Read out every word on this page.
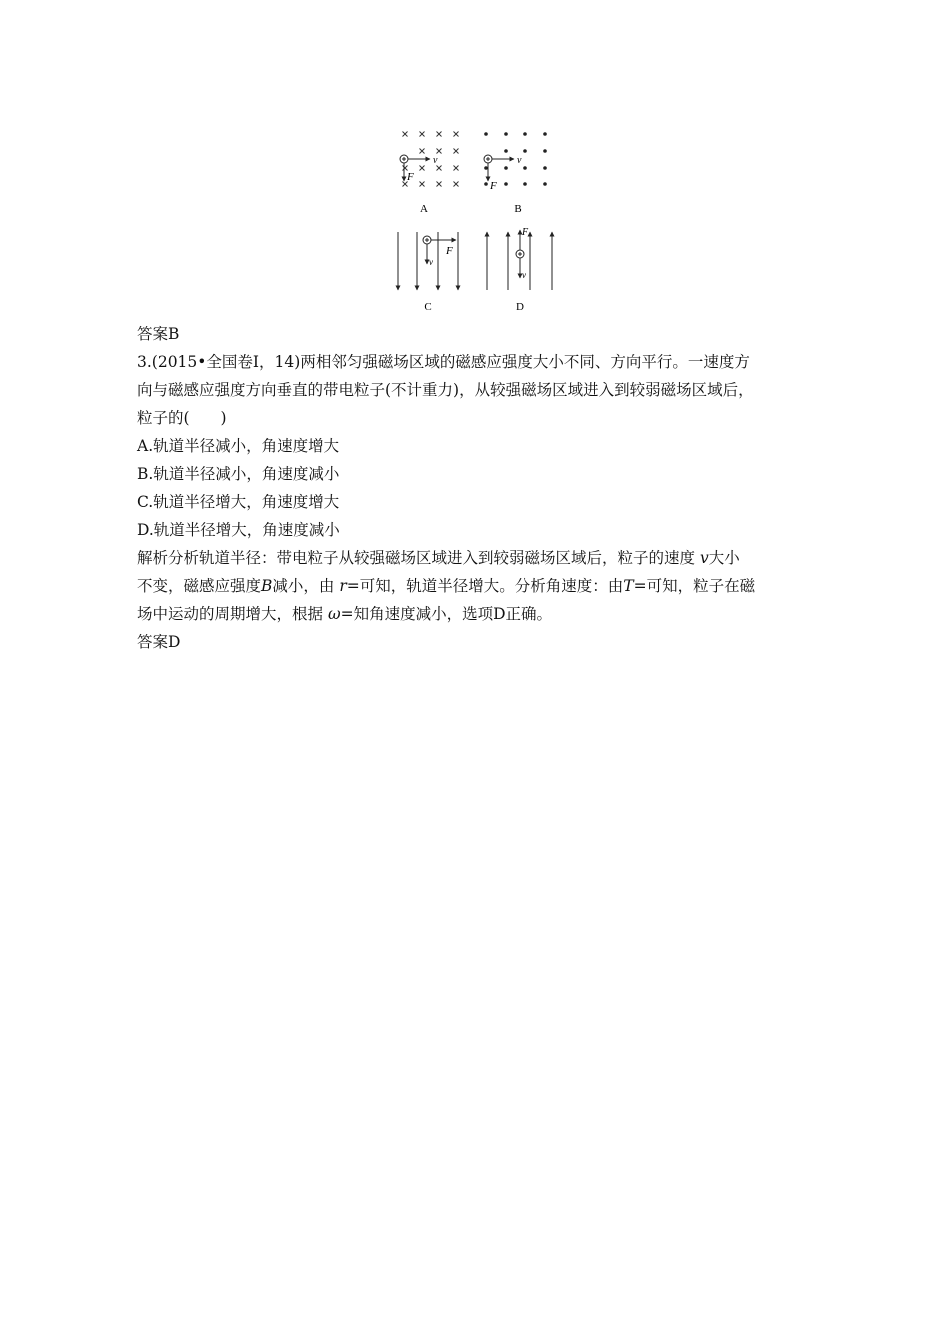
v
F
A
v
F
B
v
F
C
F
v
D
答案B
3.(2015•全国卷Ⅰ，14)两相邻匀强磁场区域的磁感应强度大小不同、方向平行。一速度方
向与磁感应强度方向垂直的带电粒子(不计重力)，从较强磁场区域进入到较弱磁场区域后，
粒子的(　　)
A.轨道半径减小，角速度增大
B.轨道半径减小，角速度减小
C.轨道半径增大，角速度增大
D.轨道半径增大，角速度减小
解析分析轨道半径：带电粒子从较强磁场区域进入到较弱磁场区域后，粒子的速度 v大小
不变，磁感应强度B减小，由 r=可知，轨道半径增大。分析角速度：由T=可知，粒子在磁
场中运动的周期增大，根据 ω=知角速度减小，选项D正确。
答案D
